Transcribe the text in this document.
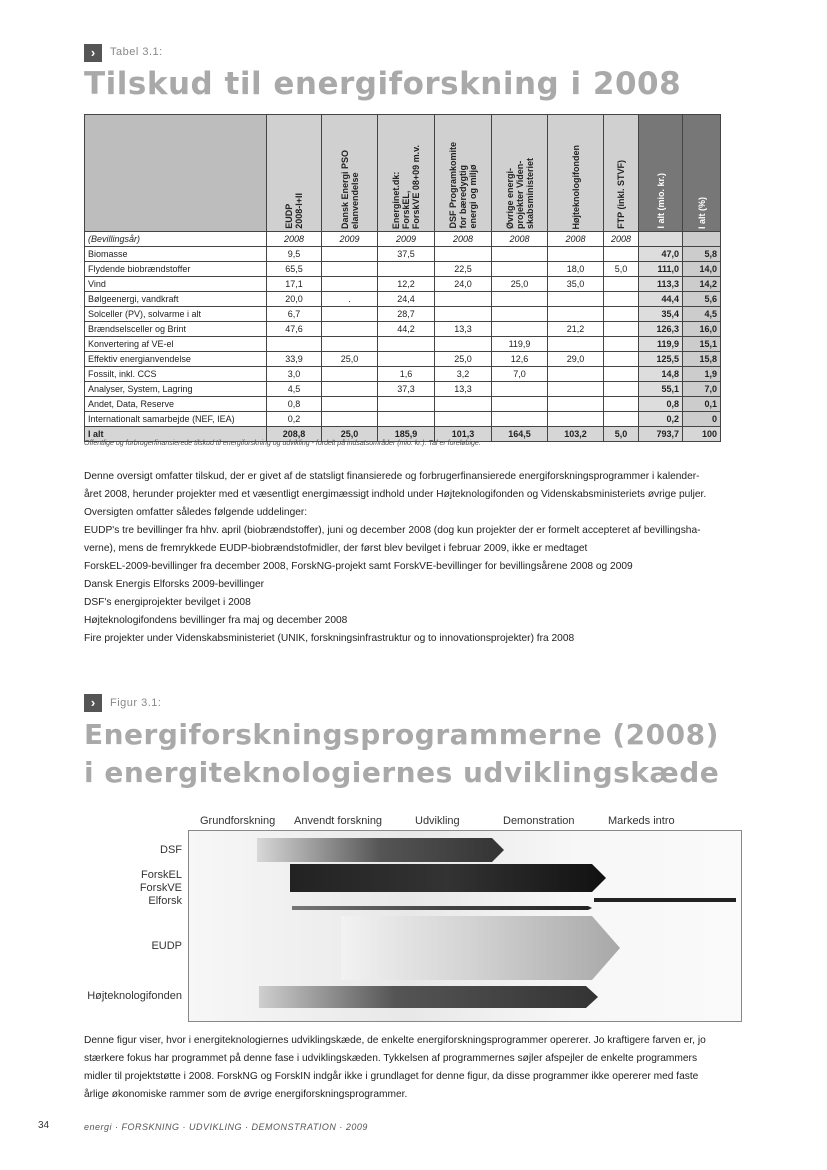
›	Tabel 3.1:
Tilskud til energiforskning i 2008

	EUDP
2008-I+II	Dansk Energi PSO
elanvendelse	Energinet.dk:
ForskEL,
ForskVE 08+09 m.v.	DSF Programkomite
for bæredygtig
energi og miljø	Øvrige energi-
projekter Viden-
skabsministeriet	Højteknologifonden	FTP (inkl. STVF)	I alt (mio. kr.)	I alt (%)

(Bevillingsår)	2008	2009	2009	2008	2008	2008	2008		
Biomasse	9,5		37,5					47,0	5,8
Flydende biobrændstoffer	65,5			22,5		18,0	5,0	111,0	14,0
Vind	17,1		12,2	24,0	25,0	35,0		113,3	14,2
Bølgeenergi, vandkraft	20,0	.	24,4					44,4	5,6
Solceller (PV), solvarme i alt	6,7		28,7					35,4	4,5
Brændselsceller og Brint	47,6		44,2	13,3		21,2		126,3	16,0
Konvertering af VE-el					119,9			119,9	15,1
Effektiv energianvendelse	33,9	25,0		25,0	12,6	29,0		125,5	15,8
Fossilt, inkl. CCS	3,0		1,6	3,2	7,0			14,8	1,9
Analyser, System, Lagring	4,5		37,3	13,3				55,1	7,0
Andet, Data, Reserve	0,8							0,8	0,1
Internationalt samarbejde (NEF, IEA)	0,2							0,2	0
I alt	208,8	25,0	185,9	101,3	164,5	103,2	5,0	793,7	100
Offentlige og forbrugerfinansierede tilskud til energiforskning og udvikling - fordelt på indsatsområder (mio. kr.). Tal er foreløbige.

Denne oversigt omfatter tilskud, der er givet af de statsligt finansierede og forbrugerfinansierede energiforskningsprogrammer i kalender-

året 2008, herunder projekter med et væsentligt energimæssigt indhold under Højteknologifonden og Videnskabsministeriets øvrige puljer.

Oversigten omfatter således følgende uddelinger:

EUDP's tre bevillinger fra hhv. april (biobrændstoffer), juni og december 2008 (dog kun projekter der er formelt accepteret af bevillingsha-

verne), mens de fremrykkede EUDP-biobrændstofmidler, der først blev bevilget i februar 2009, ikke er medtaget

ForskEL-2009-bevillinger fra december 2008, ForskNG-projekt samt ForskVE-bevillinger for bevillingsårene 2008 og 2009

Dansk Energis Elforsks 2009-bevillinger

DSF's energiprojekter bevilget i 2008

Højteknologifondens bevillinger fra maj og december 2008

Fire projekter under Videnskabsministeriet (UNIK, forskningsinfrastruktur og to innovationsprojekter) fra 2008

›	Figur 3.1:
Energiforskningsprogrammerne (2008)
i energiteknologiernes udviklingskæde
Grundforskning Anvendt forskning	Udvikling	Demonstration	Markeds intro
DSF
ForskEL
ForskVE
Elforsk
EUDP
Højteknologifonden

Denne figur viser, hvor i energiteknologiernes udviklingskæde, de enkelte energiforskningsprogrammer opererer. Jo kraftigere farven er, jo

stærkere fokus har programmet på denne fase i udviklingskæden. Tykkelsen af programmernes søjler afspejler de enkelte programmers

midler til projektstøtte i 2008. ForskNG og ForskIN indgår ikke i grundlaget for denne figur, da disse programmer ikke opererer med faste

årlige økonomiske rammer som de øvrige energiforskningsprogrammer.

34	energi · FORSKNING · UDVIKLING · DEMONSTRATION · 2009
